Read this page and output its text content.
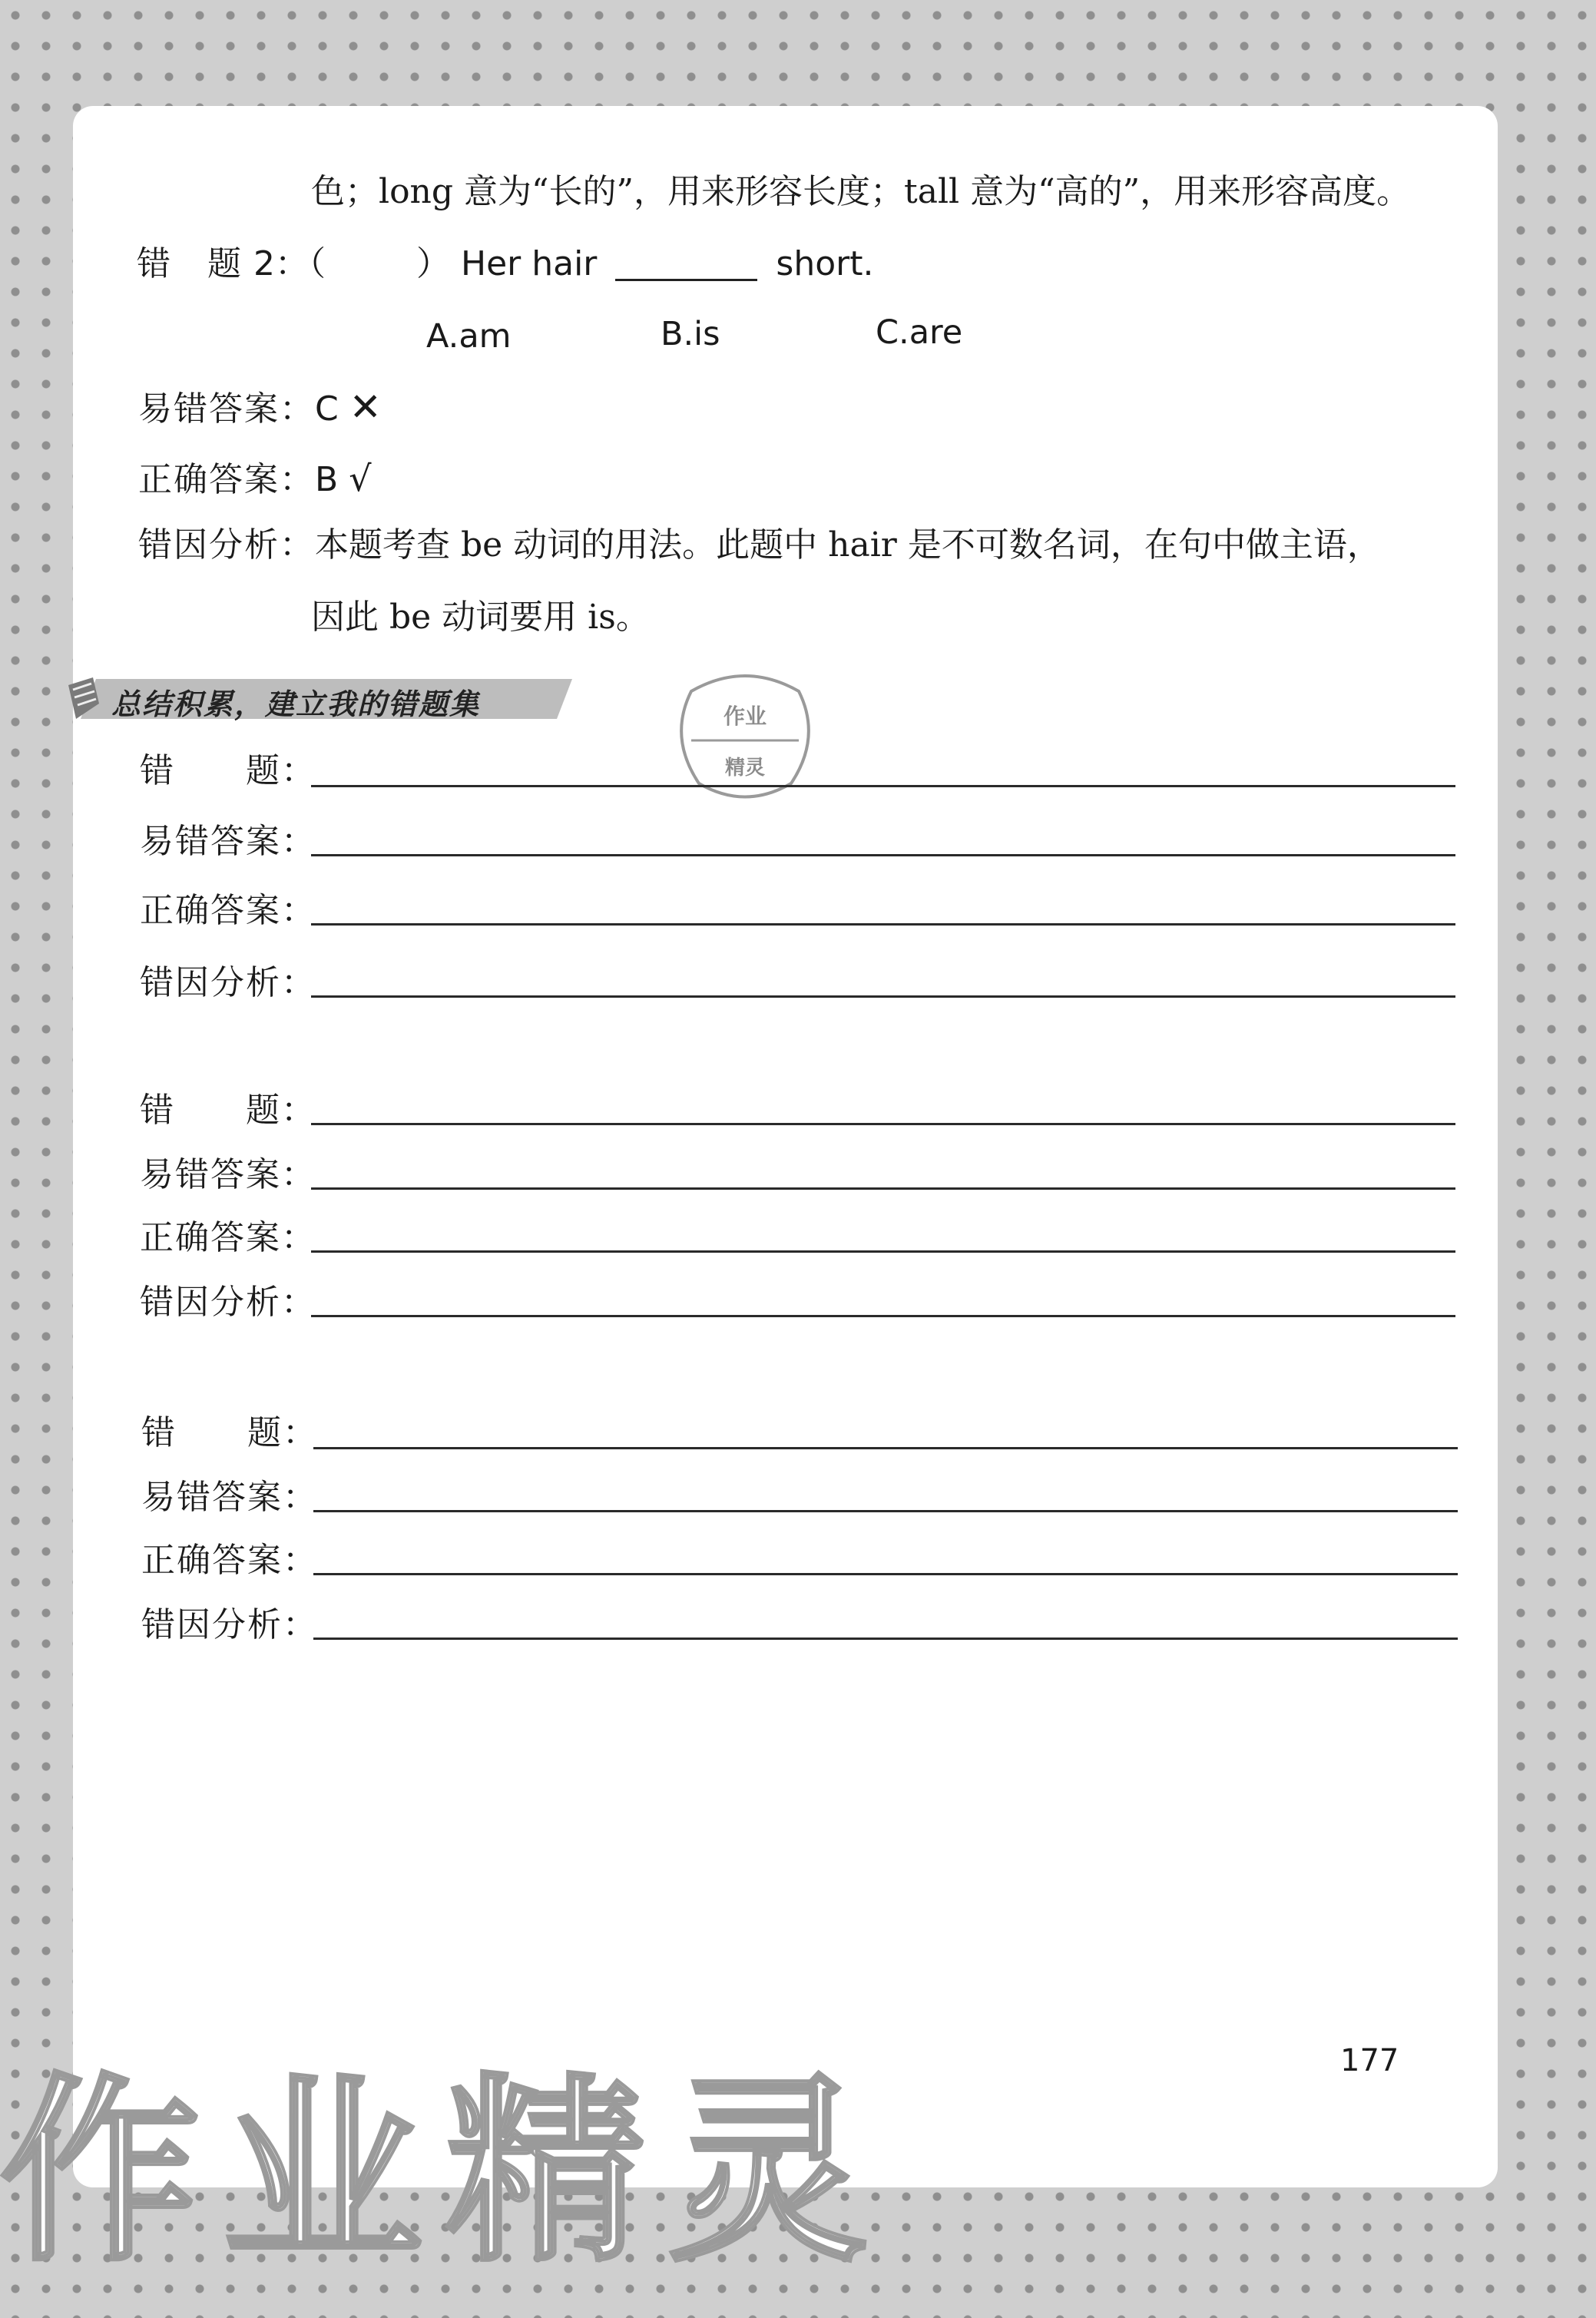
色；long 意为“长的”，用来形容长度；tall 意为“高的”，用来形容高度。
错　题 2：（	） Her hair	short.
A.am	B.is	C.are
易错答案：C ✕
正确答案：B √
错因分析：本题考查 be 动词的用法。此题中 hair 是不可数名词，在句中做主语，
因此 be 动词要用 is。
总结积累，建立我的错题集	作业
精灵
错　　题：
易错答案：
正确答案：
错因分析：
错　　题：
易错答案：
正确答案：
错因分析：
错　　题：
易错答案：
正确答案：
错因分析：
作业精灵	177
